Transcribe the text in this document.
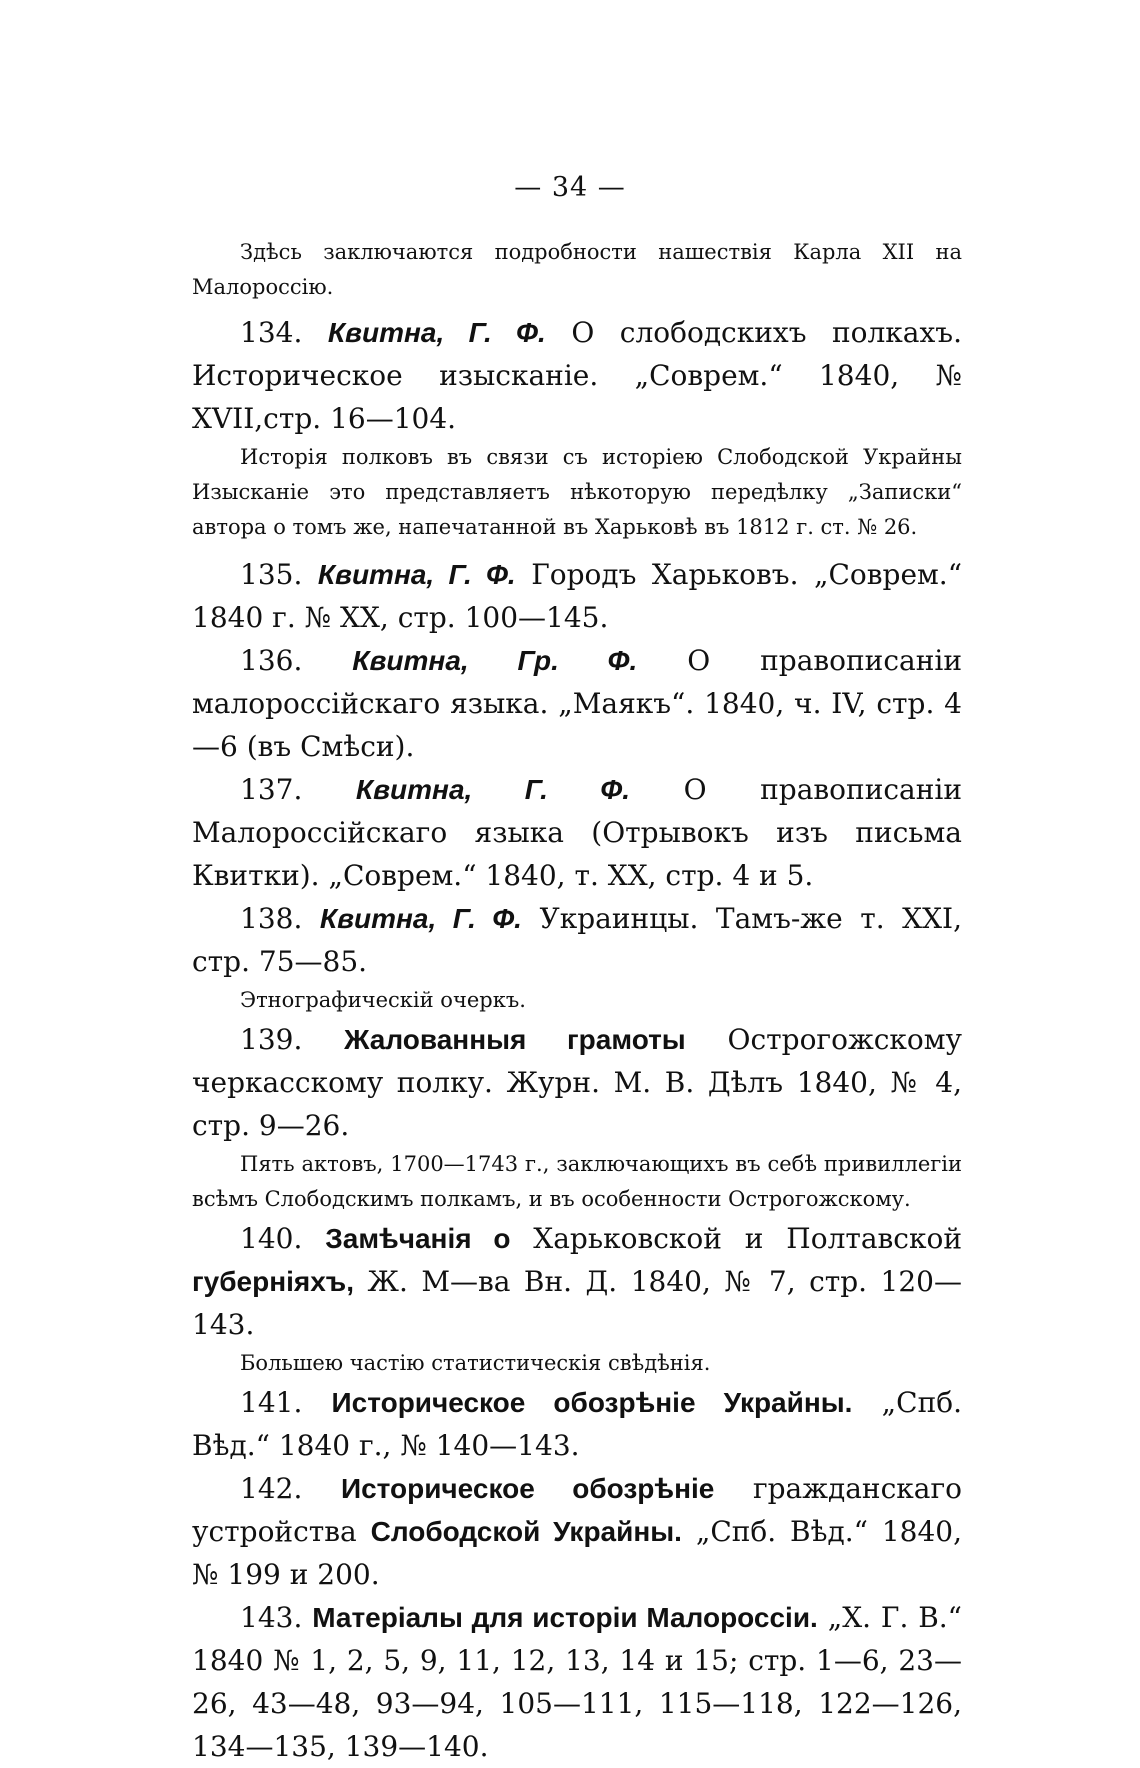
— 34 —

Здѣсь заключаются подробности нашествія Карла XII на Малороссію.

134. Квитна, Г. Ф. О слободскихъ полкахъ. Историческое изысканіе. „Соврем.“ 1840, № XVII,стр. 16—104.

Исторія полковъ въ связи съ исторіею Слободской Украйны Изысканіе это представляетъ нѣкоторую передѣлку „Записки“ автора о томъ же, напечатанной въ Харьковѣ въ 1812 г. ст. № 26.

135. Квитна, Г. Ф. Городъ Харьковъ. „Соврем.“ 1840 г. № XX, стр. 100—145.

136. Квитна, Гр. Ф. О правописаніи малороссійскаго языка. „Маякъ“. 1840, ч. IV, стр. 4—6 (въ Смѣси).

137. Квитна, Г. Ф. О правописаніи Малороссійскаго языка (Отрывокъ изъ письма Квитки). „Соврем.“ 1840, т. XX, стр. 4 и 5.

138. Квитна, Г. Ф. Украинцы. Тамъ-же т. XXI, стр. 75—85.

Этнографическій очеркъ.

139. Жалованныя грамоты Острогожскому черкасскому полку. Журн. М. В. Дѣлъ 1840, № 4, стр. 9—26.

Пять актовъ, 1700—1743 г., заключающихъ въ себѣ привиллегіи всѣмъ Слободскимъ полкамъ, и въ особенности Острогожскому.

140. Замѣчанія о Харьковской и Полтавской губерніяхъ, Ж. М—ва Вн. Д. 1840, № 7, стр. 120—143.

Большею частію статистическія свѣдѣнія.

141. Историческое обозрѣніе Украйны. „Спб. Вѣд.“ 1840 г., № 140—143.

142. Историческое обозрѣніе гражданскаго устройства Слободской Украйны. „Спб. Вѣд.“ 1840, № 199 и 200.

143. Матеріалы для исторіи Малороссіи. „Х. Г. В.“ 1840 № 1, 2, 5, 9, 11, 12, 13, 14 и 15; стр. 1—6, 23—26, 43—48, 93—94, 105—111, 115—118, 122—126, 134—135, 139—140.
